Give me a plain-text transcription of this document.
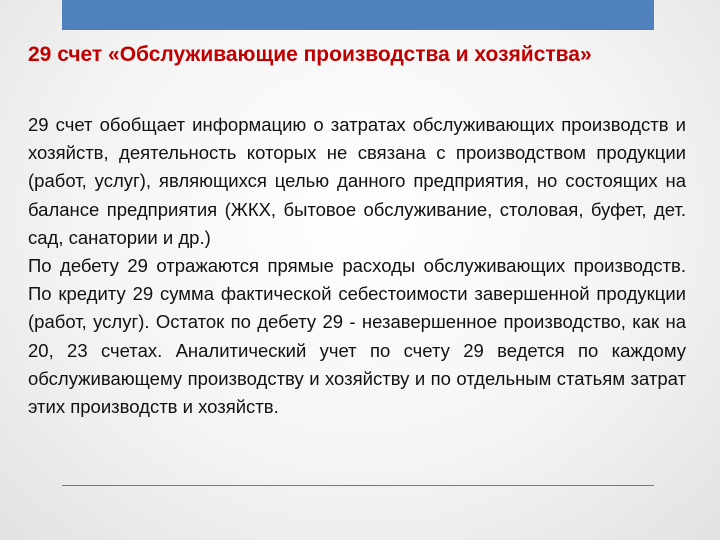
29 счет «Обслуживающие производства и хозяйства»

29 счет обобщает информацию о затратах обслуживающих производств и хозяйств, деятельность которых не связана с производством продукции (работ, услуг), являющихся целью данного предприятия, но состоящих на балансе предприятия (ЖКХ, бытовое обслуживание, столовая, буфет, дет. сад, санатории и др.)

По дебету 29 отражаются прямые расходы обслуживающих производств. По кредиту 29 сумма фактической себестоимости завершенной продукции (работ, услуг). Остаток по дебету 29 - незавершенное производство, как на 20, 23 счетах. Аналитический учет по счету 29 ведется по каждому обслуживающему производству и хозяйству и по отдельным статьям затрат этих производств и хозяйств.
